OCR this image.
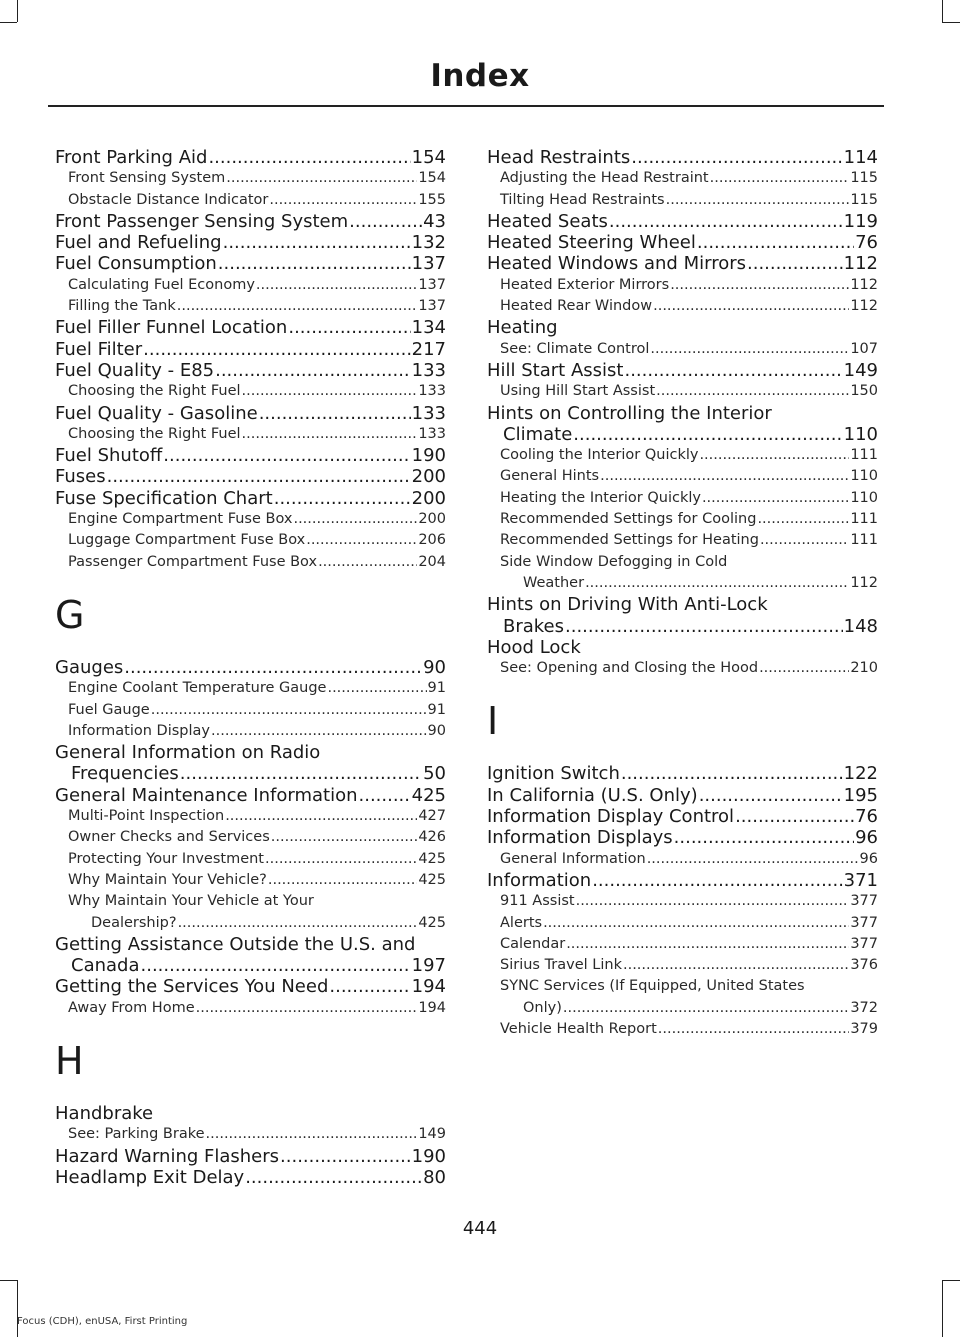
Index
Front Parking Aid .....	154
Front Sensing System .....	154
Obstacle Distance Indicator .....	155
Front Passenger Sensing System .....	43
Fuel and Refueling .....	132
Fuel Consumption .....	137
Calculating Fuel Economy .....	137
Filling the Tank .....	137
Fuel Filler Funnel Location .....	134
Fuel Filter .....	217
Fuel Quality - E85 .....	133
Choosing the Right Fuel .....	133
Fuel Quality - Gasoline .....	133
Choosing the Right Fuel .....	133
Fuel Shutoff .....	190
Fuses .....	200
Fuse Specification Chart .....	200
Engine Compartment Fuse Box .....	200
Luggage Compartment Fuse Box .....	206
Passenger Compartment Fuse Box .....	204
G
Gauges .....	90
Engine Coolant Temperature Gauge .....	91
Fuel Gauge .....	91
Information Display .....	90
General Information on Radio
Frequencies .....	50
General Maintenance Information .....	425
Multi-Point Inspection .....	427
Owner Checks and Services .....	426
Protecting Your Investment .....	425
Why Maintain Your Vehicle? .....	425
Why Maintain Your Vehicle at Your
Dealership? .....	425
Getting Assistance Outside the U.S. and
Canada .....	197
Getting the Services You Need .....	194
Away From Home .....	194
H
Handbrake
See: Parking Brake .....	149
Hazard Warning Flashers .....	190
Headlamp Exit Delay .....	80
Head Restraints .....	114
Adjusting the Head Restraint .....	115
Tilting Head Restraints .....	115
Heated Seats .....	119
Heated Steering Wheel .....	76
Heated Windows and Mirrors .....	112
Heated Exterior Mirrors .....	112
Heated Rear Window .....	112
Heating
See: Climate Control .....	107
Hill Start Assist .....	149
Using Hill Start Assist .....	150
Hints on Controlling the Interior
Climate .....	110
Cooling the Interior Quickly .....	111
General Hints .....	110
Heating the Interior Quickly .....	110
Recommended Settings for Cooling .....	111
Recommended Settings for Heating .....	111
Side Window Defogging in Cold
Weather .....	112
Hints on Driving With Anti-Lock
Brakes .....	148
Hood Lock
See: Opening and Closing the Hood .....	210
I
Ignition Switch .....	122
In California (U.S. Only) .....	195
Information Display Control .....	76
Information Displays .....	96
General Information .....	96
Information .....	371
911 Assist .....	377
Alerts .....	377
Calendar .....	377
Sirius Travel Link .....	376
SYNC Services (If Equipped, United States
Only) .....	372
Vehicle Health Report .....	379
444
Focus (CDH), enUSA, First Printing
